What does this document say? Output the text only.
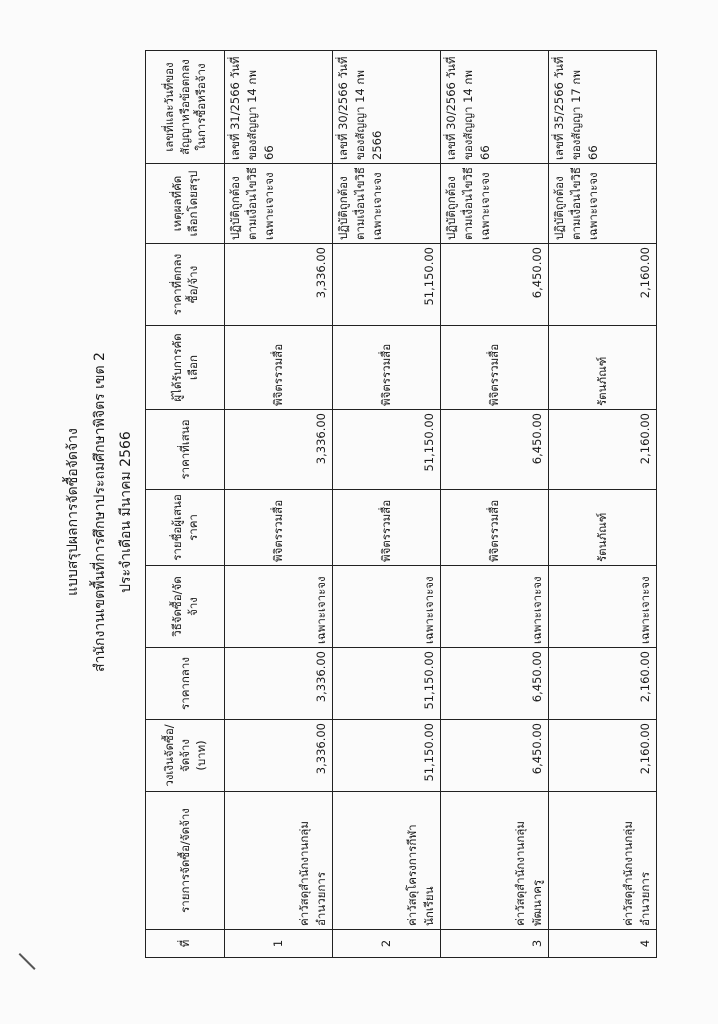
แบบสรุปผลการจัดซื้อจัดจ้าง สำนักงานเขตพื้นที่การศึกษาประถมศึกษาพิจิตร เขต 2 ประจำเดือน มีนาคม 2566
ที่	รายการจัดซื้อ/จัดจ้าง	วงเงินจัดซื้อ/จัดจ้าง (บาท)	ราคากลาง	วิธีจัดซื้อ/จัดจ้าง	รายชื่อผู้เสนอราคา	ราคาที่เสนอ	ผู้ได้รับการคัดเลือก	ราคาที่ตกลงซื้อ/จ้าง	เหตุผลที่คัดเลือกโดยสรุป	เลขที่และวันที่ของสัญญาหรือข้อตกลงในการซื้อหรือจ้าง
1	ค่าวัสดุสำนักงานกลุ่มอำนวยการ	3,336.00	3,336.00	เฉพาะเจาะจง	พิจิตรรวมสื่อ	3,336.00	พิจิตรรวมสื่อ	3,336.00	ปฏิบัติถูกต้องตามเงื่อนไขวิธีเฉพาะเจาะจง	เลขที่ 31/2566 วันที่ของสัญญา 14 กพ 66
2	ค่าวัสดุโครงการกีฬานักเรียน	51,150.00	51,150.00	เฉพาะเจาะจง	พิจิตรรวมสื่อ	51,150.00	พิจิตรรวมสื่อ	51,150.00	ปฏิบัติถูกต้องตามเงื่อนไขวิธีเฉพาะเจาะจง	เลขที่ 30/2566 วันที่ของสัญญา 14 กพ 2566
3	ค่าวัสดุสำนักงานกลุ่มพัฒนาครู	6,450.00	6,450.00	เฉพาะเจาะจง	พิจิตรรวมสื่อ	6,450.00	พิจิตรรวมสื่อ	6,450.00	ปฏิบัติถูกต้องตามเงื่อนไขวิธีเฉพาะเจาะจง	เลขที่ 30/2566 วันที่ของสัญญา 14 กพ 66
4	ค่าวัสดุสำนักงานกลุ่มอำนวยการ	2,160.00	2,160.00	เฉพาะเจาะจง	รัตนภัณฑ์	2,160.00	รัตนภัณฑ์	2,160.00	ปฏิบัติถูกต้องตามเงื่อนไขวิธีเฉพาะเจาะจง	เลขที่ 35/2566 วันที่ของสัญญา 17 กพ 66
